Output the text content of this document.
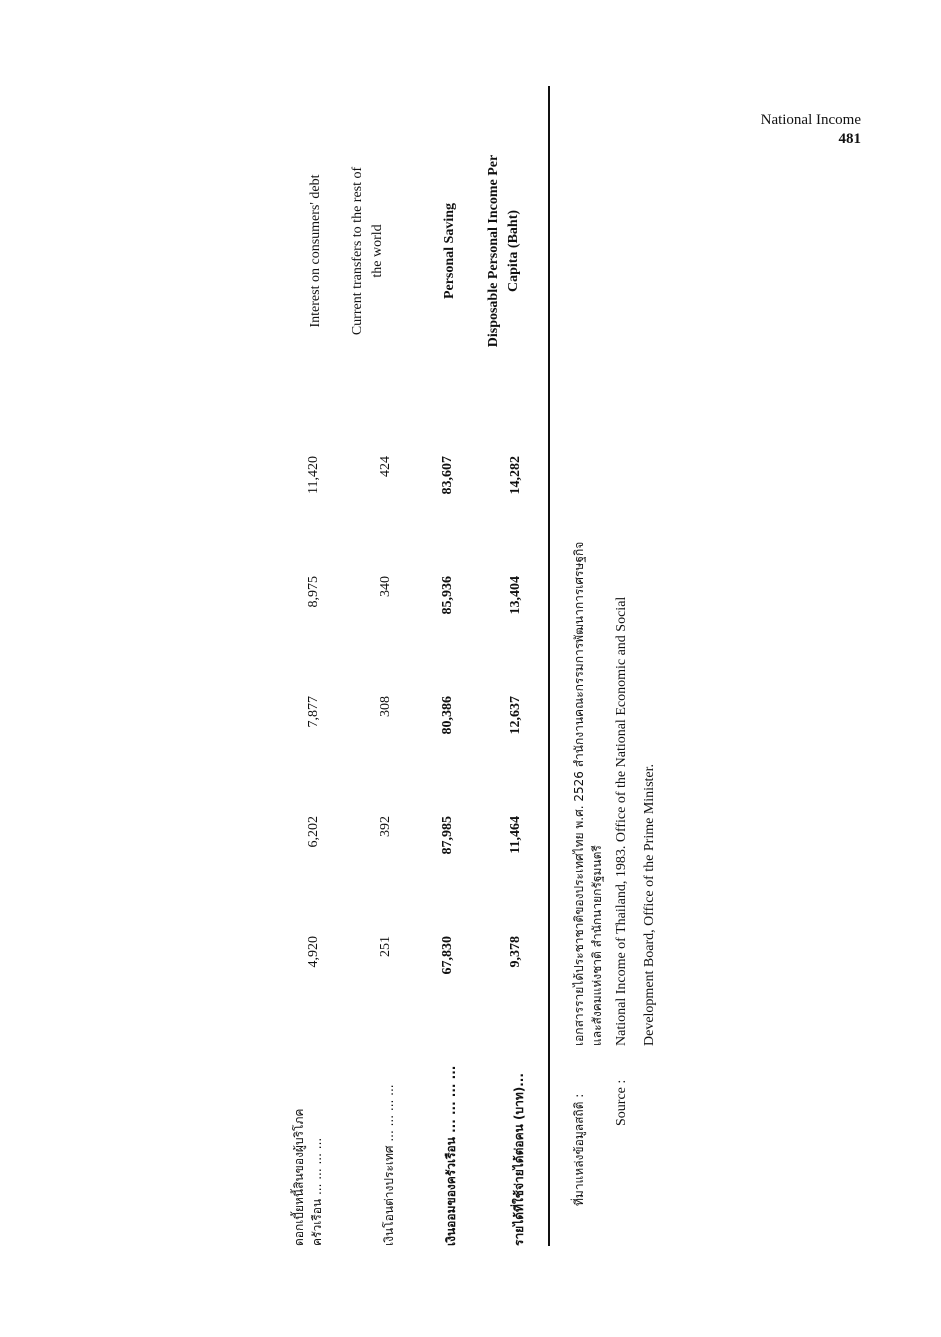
National Income
481
ดอกเบี้ยหนี้สินของผู้บริโภค ครัวเรือน ... ... ... ...
4,920
6,202
7,877
8,975
11,420
Interest on consumers' debt
เงินโอนต่างประเทศ ... ... ... ...
251
392
308
340
424
Current transfers to the rest of the world
เงินออมของครัวเรือน ... ... ... ...
67,830
87,985
80,386
85,936
83,607
Personal Saving
รายได้ที่ใช้จ่ายได้ต่อคน (บาท)...
9,378
11,464
12,637
13,404
14,282
Disposable Personal Income Per Capita (Baht)
ที่มาแหล่งข้อมูลสถิติ :
เอกสารรายได้ประชาชาติของประเทศไทย พ.ศ. 2526 สำนักงานคณะกรรมการพัฒนาการเศรษฐกิจ และสังคมแห่งชาติ สำนักนายกรัฐมนตรี
Source :
National Income of Thailand, 1983. Office of the National Economic and Social Development Board, Office of the Prime Minister.
